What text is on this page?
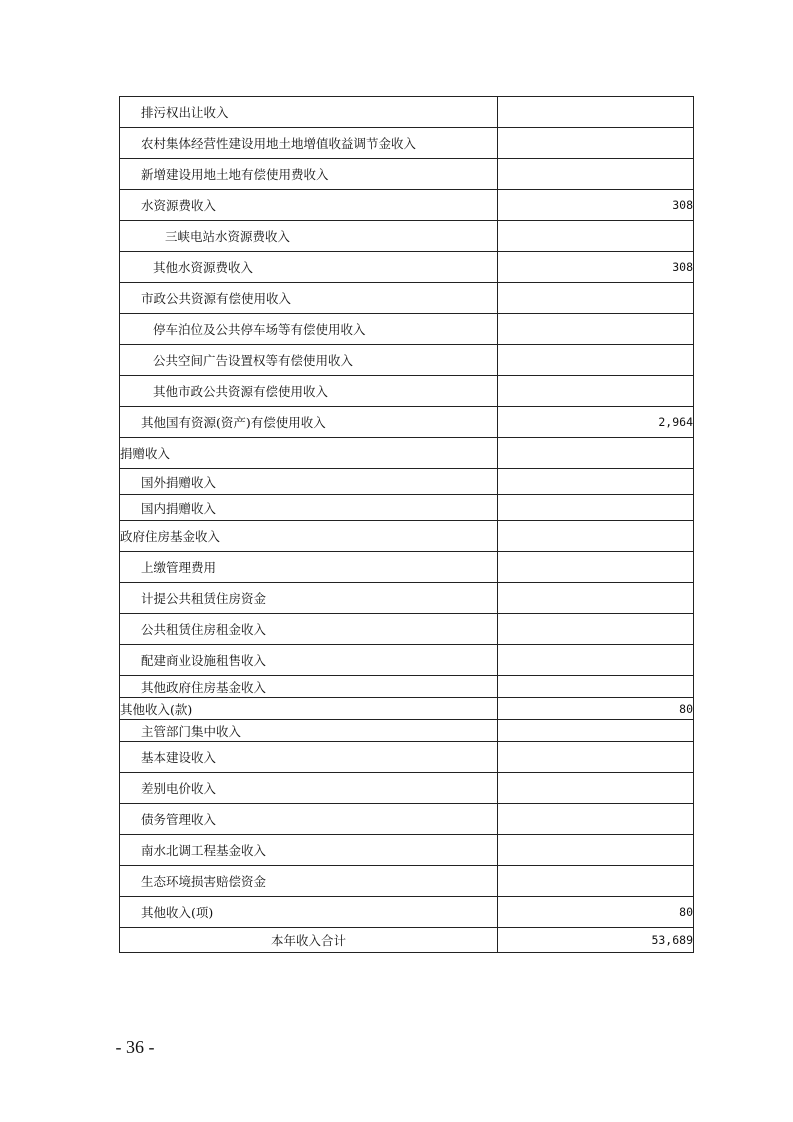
排污权出让收入	
农村集体经营性建设用地土地增值收益调节金收入	
新增建设用地土地有偿使用费收入	
水资源费收入	308
三峡电站水资源费收入	
其他水资源费收入	308
市政公共资源有偿使用收入	
停车泊位及公共停车场等有偿使用收入	
公共空间广告设置权等有偿使用收入	
其他市政公共资源有偿使用收入	
其他国有资源(资产)有偿使用收入	2,964
捐赠收入	
国外捐赠收入	
国内捐赠收入	
政府住房基金收入	
上缴管理费用	
计提公共租赁住房资金	
公共租赁住房租金收入	
配建商业设施租售收入	
其他政府住房基金收入	
其他收入(款)	80
主管部门集中收入	
基本建设收入	
差别电价收入	
债务管理收入	
南水北调工程基金收入	
生态环境损害赔偿资金	
其他收入(项)	80
本年收入合计	53,689
- 36 -
